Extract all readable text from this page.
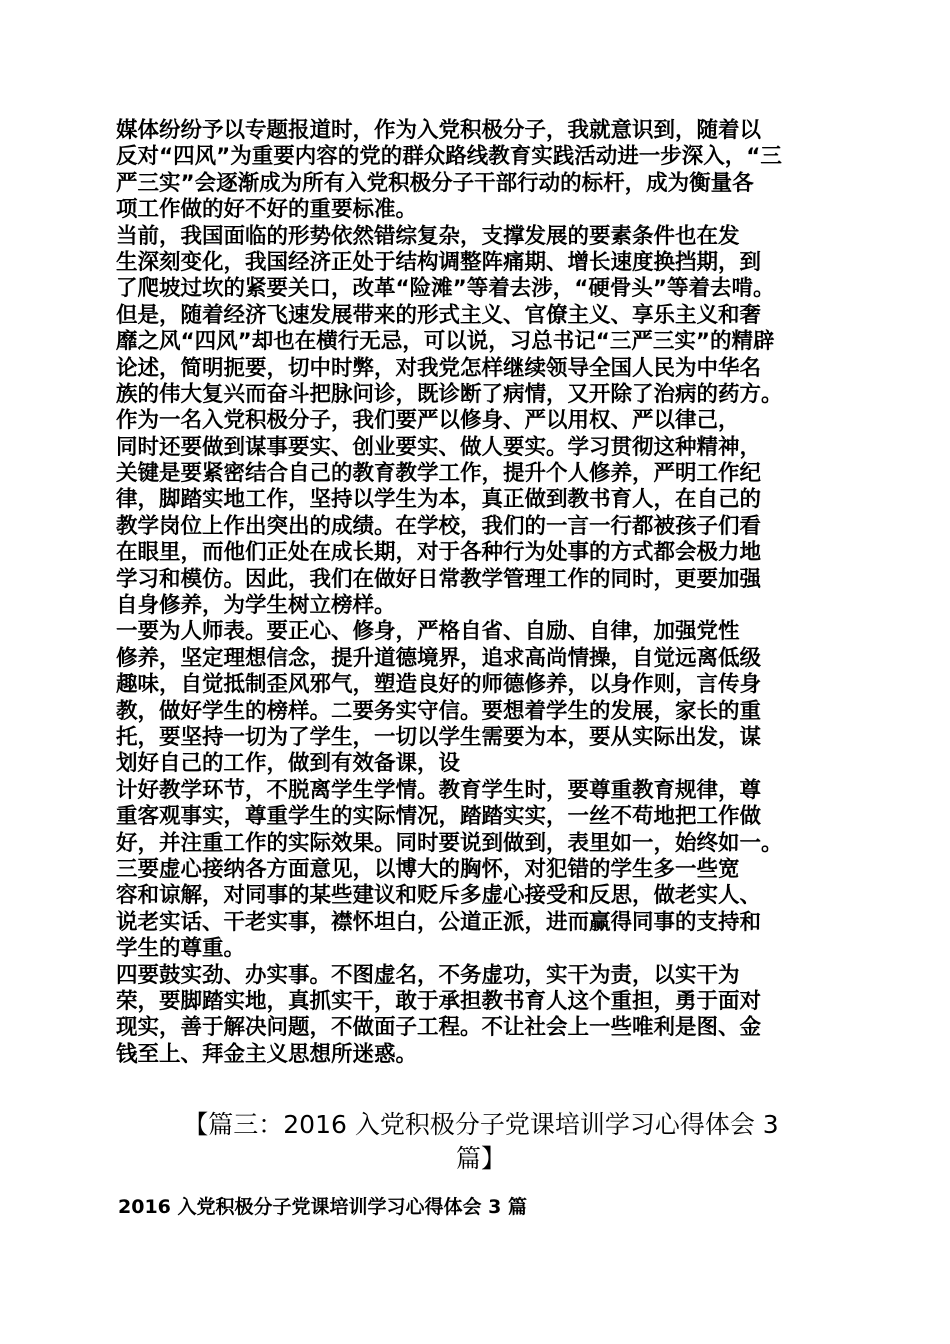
媒体纷纷予以专题报道时，作为入党积极分子，我就意识到，随着以
反对“四风”为重要内容的党的群众路线教育实践活动进一步深入，“三
严三实”会逐渐成为所有入党积极分子干部行动的标杆，成为衡量各
项工作做的好不好的重要标准。
当前，我国面临的形势依然错综复杂，支撑发展的要素条件也在发
生深刻变化，我国经济正处于结构调整阵痛期、增长速度换挡期，到
了爬坡过坎的紧要关口，改革“险滩”等着去涉，“硬骨头”等着去啃。
但是，随着经济飞速发展带来的形式主义、官僚主义、享乐主义和奢
靡之风“四风”却也在横行无忌，可以说，习总书记“三严三实”的精辟
论述，简明扼要，切中时弊，对我党怎样继续领导全国人民为中华名
族的伟大复兴而奋斗把脉问诊，既诊断了病情，又开除了治病的药方。
作为一名入党积极分子，我们要严以修身、严以用权、严以律己，
同时还要做到谋事要实、创业要实、做人要实。学习贯彻这种精神，
关键是要紧密结合自己的教育教学工作，提升个人修养，严明工作纪
律，脚踏实地工作，坚持以学生为本，真正做到教书育人，在自己的
教学岗位上作出突出的成绩。在学校，我们的一言一行都被孩子们看
在眼里，而他们正处在成长期，对于各种行为处事的方式都会极力地
学习和模仿。因此，我们在做好日常教学管理工作的同时，更要加强
自身修养，为学生树立榜样。
一要为人师表。要正心、修身，严格自省、自励、自律，加强党性
修养，坚定理想信念，提升道德境界，追求高尚情操，自觉远离低级
趣味，自觉抵制歪风邪气，塑造良好的师德修养，以身作则，言传身
教，做好学生的榜样。二要务实守信。要想着学生的发展，家长的重
托，要坚持一切为了学生，一切以学生需要为本，要从实际出发，谋
划好自己的工作，做到有效备课，设
计好教学环节，不脱离学生学情。教育学生时，要尊重教育规律，尊
重客观事实，尊重学生的实际情况，踏踏实实，一丝不苟地把工作做
好，并注重工作的实际效果。同时要说到做到，表里如一，始终如一。
三要虚心接纳各方面意见，以博大的胸怀，对犯错的学生多一些宽
容和谅解，对同事的某些建议和贬斥多虚心接受和反思，做老实人、
说老实话、干老实事，襟怀坦白，公道正派，进而赢得同事的支持和
学生的尊重。
四要鼓实劲、办实事。不图虚名，不务虚功，实干为责，以实干为
荣，要脚踏实地，真抓实干，敢于承担教书育人这个重担，勇于面对
现实，善于解决问题，不做面子工程。不让社会上一些唯利是图、金
钱至上、拜金主义思想所迷惑。
【篇三：2016 入党积极分子党课培训学习心得体会 3
篇】
2016 入党积极分子党课培训学习心得体会 3 篇
